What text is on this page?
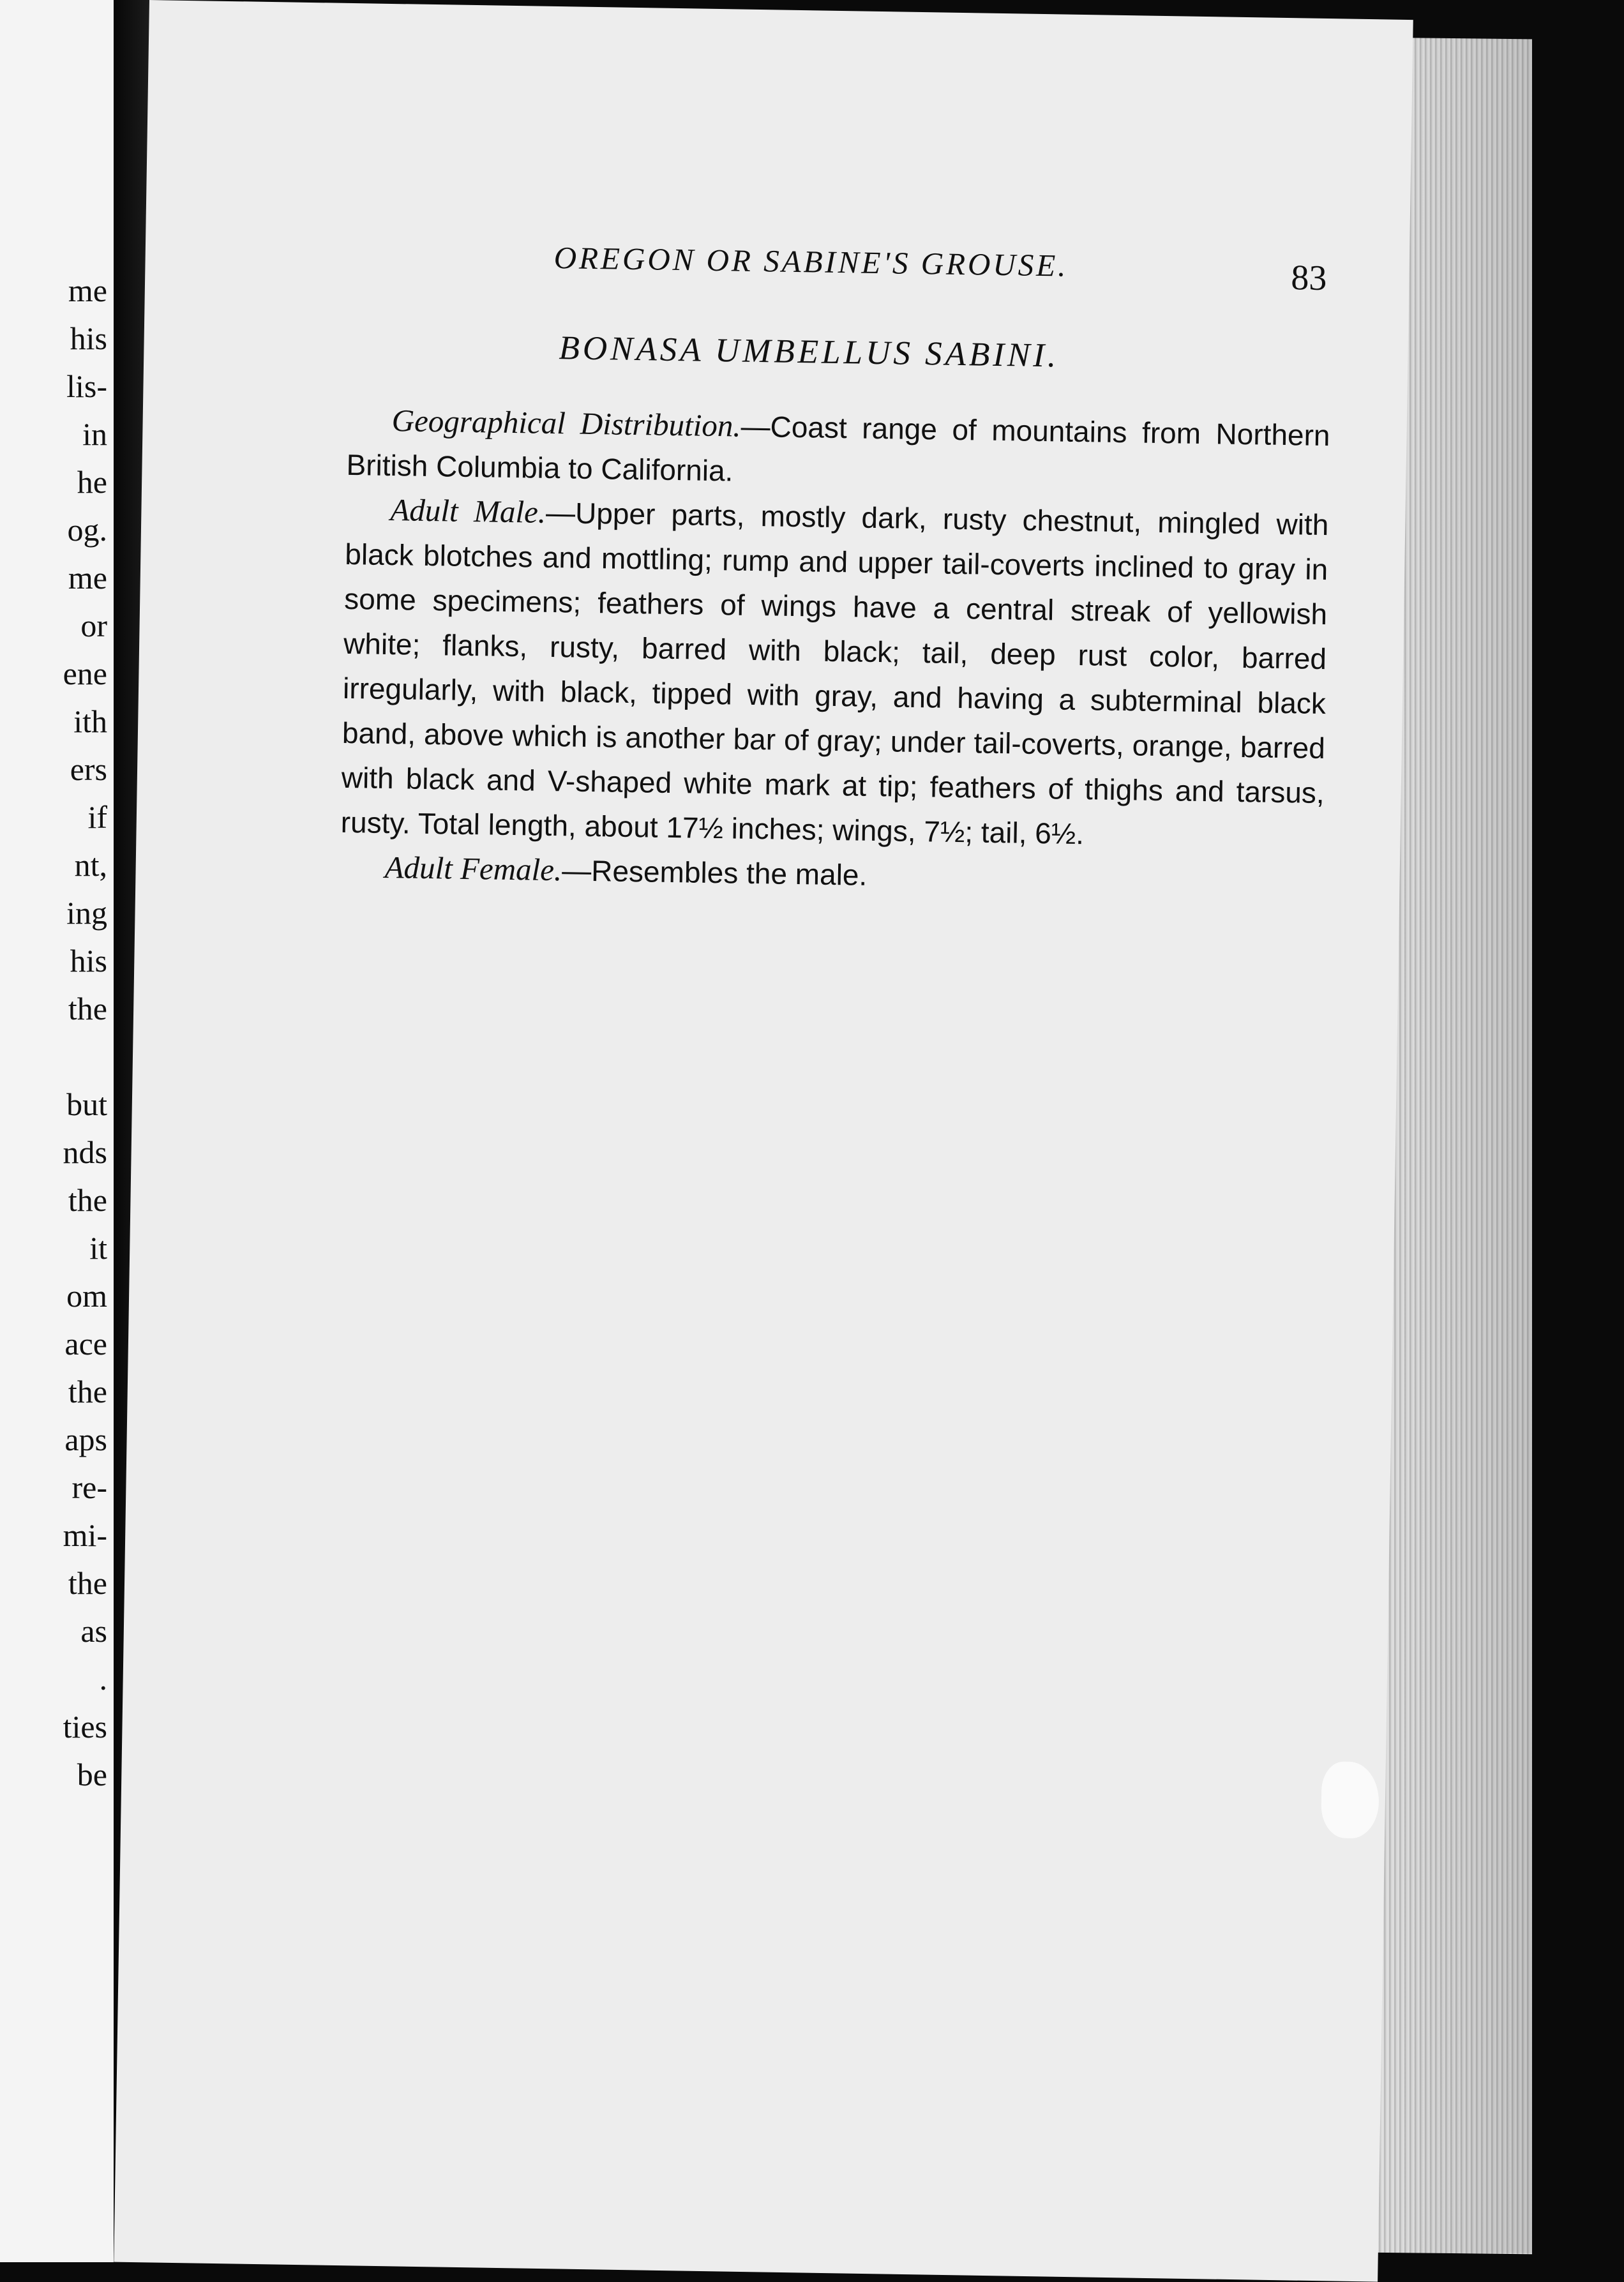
me
his
lis-
in
he
og.
me
or
ene
ith
ers
if
nt,
ing
his
the
but
nds
the
it
om
ace
the
aps
re-
mi-
the
as
.
ties
be
OREGON OR SABINE'S GROUSE.	83
BONASA UMBELLUS SABINI.

Geographical Distribution.—Coast range of mountains from Northern British Columbia to California.

Adult Male.—Upper parts, mostly dark, rusty chestnut, mingled with black blotches and mottling; rump and upper tail-coverts inclined to gray in some specimens; feathers of wings have a central streak of yellowish white; flanks, rusty, barred with black; tail, deep rust color, barred irregularly, with black, tipped with gray, and having a subterminal black band, above which is another bar of gray; under tail-coverts, orange, barred with black and V-shaped white mark at tip; feathers of thighs and tarsus, rusty. Total length, about 17½ inches; wings, 7½; tail, 6½.

Adult Female.—Resembles the male.
